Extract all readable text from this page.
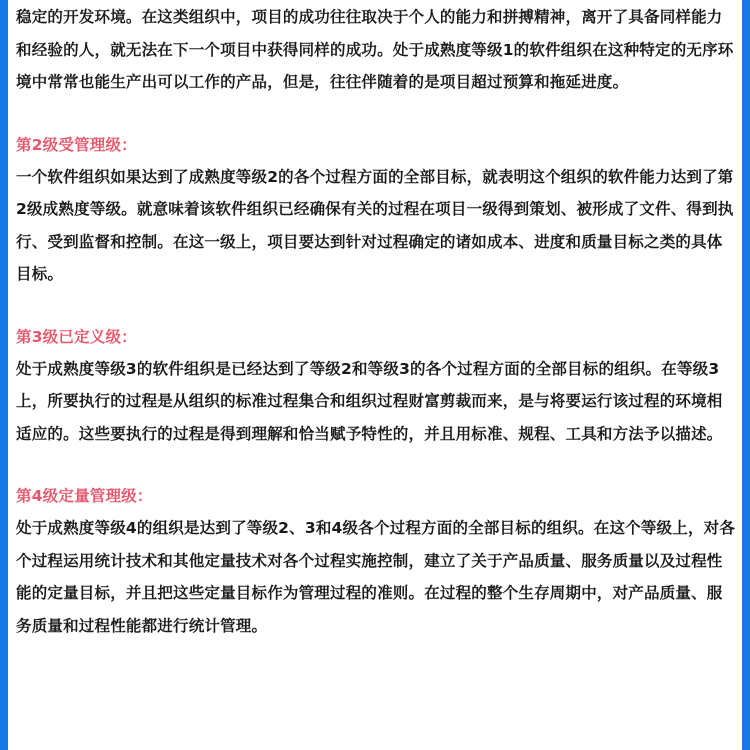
稳定的开发环境。在这类组织中，项目的成功往往取决于个人的能力和拼搏精神，离开了具备同样能力和经验的人，就无法在下一个项目中获得同样的成功。处于成熟度等级1的软件组织在这种特定的无序环境中常常也能生产出可以工作的产品，但是，往往伴随着的是项目超过预算和拖延进度。

第2级受管理级：

一个软件组织如果达到了成熟度等级2的各个过程方面的全部目标，就表明这个组织的软件能力达到了第2级成熟度等级。就意味着该软件组织已经确保有关的过程在项目一级得到策划、被形成了文件、得到执行、受到监督和控制。在这一级上，项目要达到针对过程确定的诸如成本、进度和质量目标之类的具体目标。

第3级已定义级：

处于成熟度等级3的软件组织是已经达到了等级2和等级3的各个过程方面的全部目标的组织。在等级3上，所要执行的过程是从组织的标准过程集合和组织过程财富剪裁而来，是与将要运行该过程的环境相适应的。这些要执行的过程是得到理解和恰当赋予特性的，并且用标准、规程、工具和方法予以描述。

第4级定量管理级：

处于成熟度等级4的组织是达到了等级2、3和4级各个过程方面的全部目标的组织。在这个等级上，对各个过程运用统计技术和其他定量技术对各个过程实施控制，建立了关于产品质量、服务质量以及过程性能的定量目标，并且把这些定量目标作为管理过程的准则。在过程的整个生存周期中，对产品质量、服务质量和过程性能都进行统计管理。
